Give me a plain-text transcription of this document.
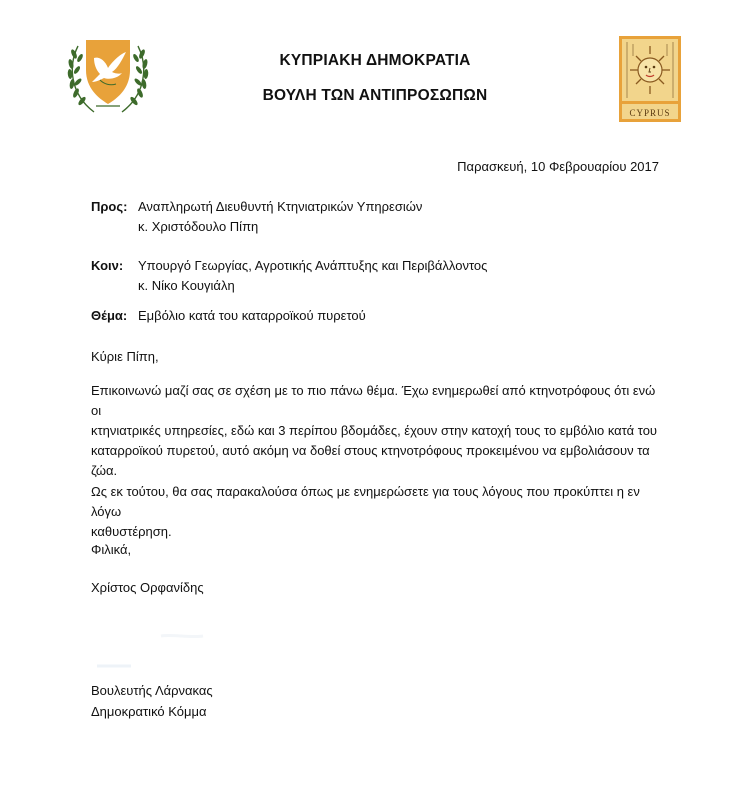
ΚΥΠΡΙΑΚΗ ΔΗΜΟΚΡΑΤΙΑ
ΒΟΥΛΗ ΤΩΝ ΑΝΤΙΠΡΟΣΩΠΩΝ
CYPRUS
Παρασκευή, 10 Φεβρουαρίου 2017
Προς: Αναπληρωτή Διευθυντή Κτηνιατρικών Υπηρεσιών
κ. Χριστόδουλο Πίπη
Κοιν: Υπουργό Γεωργίας, Αγροτικής Ανάπτυξης και Περιβάλλοντος
κ. Νίκο Κουγιάλη
Θέμα: Εμβόλιο κατά του καταρροϊκού πυρετού
Κύριε Πίπη,
Επικοινωνώ μαζί σας σε σχέση με το πιο πάνω θέμα. Έχω ενημερωθεί από κτηνοτρόφους ότι ενώ οι
κτηνιατρικές υπηρεσίες, εδώ και 3 περίπου βδομάδες, έχουν στην κατοχή τους το εμβόλιο κατά του
καταρροϊκού πυρετού, αυτό ακόμη να δοθεί στους κτηνοτρόφους προκειμένου να εμβολιάσουν τα
ζώα.
Ως εκ τούτου, θα σας παρακαλούσα όπως με ενημερώσετε για τους λόγους που προκύπτει η εν λόγω
καθυστέρηση.
Φιλικά,
Χρίστος Ορφανίδης
Βουλευτής Λάρνακας
Δημοκρατικό Κόμμα
